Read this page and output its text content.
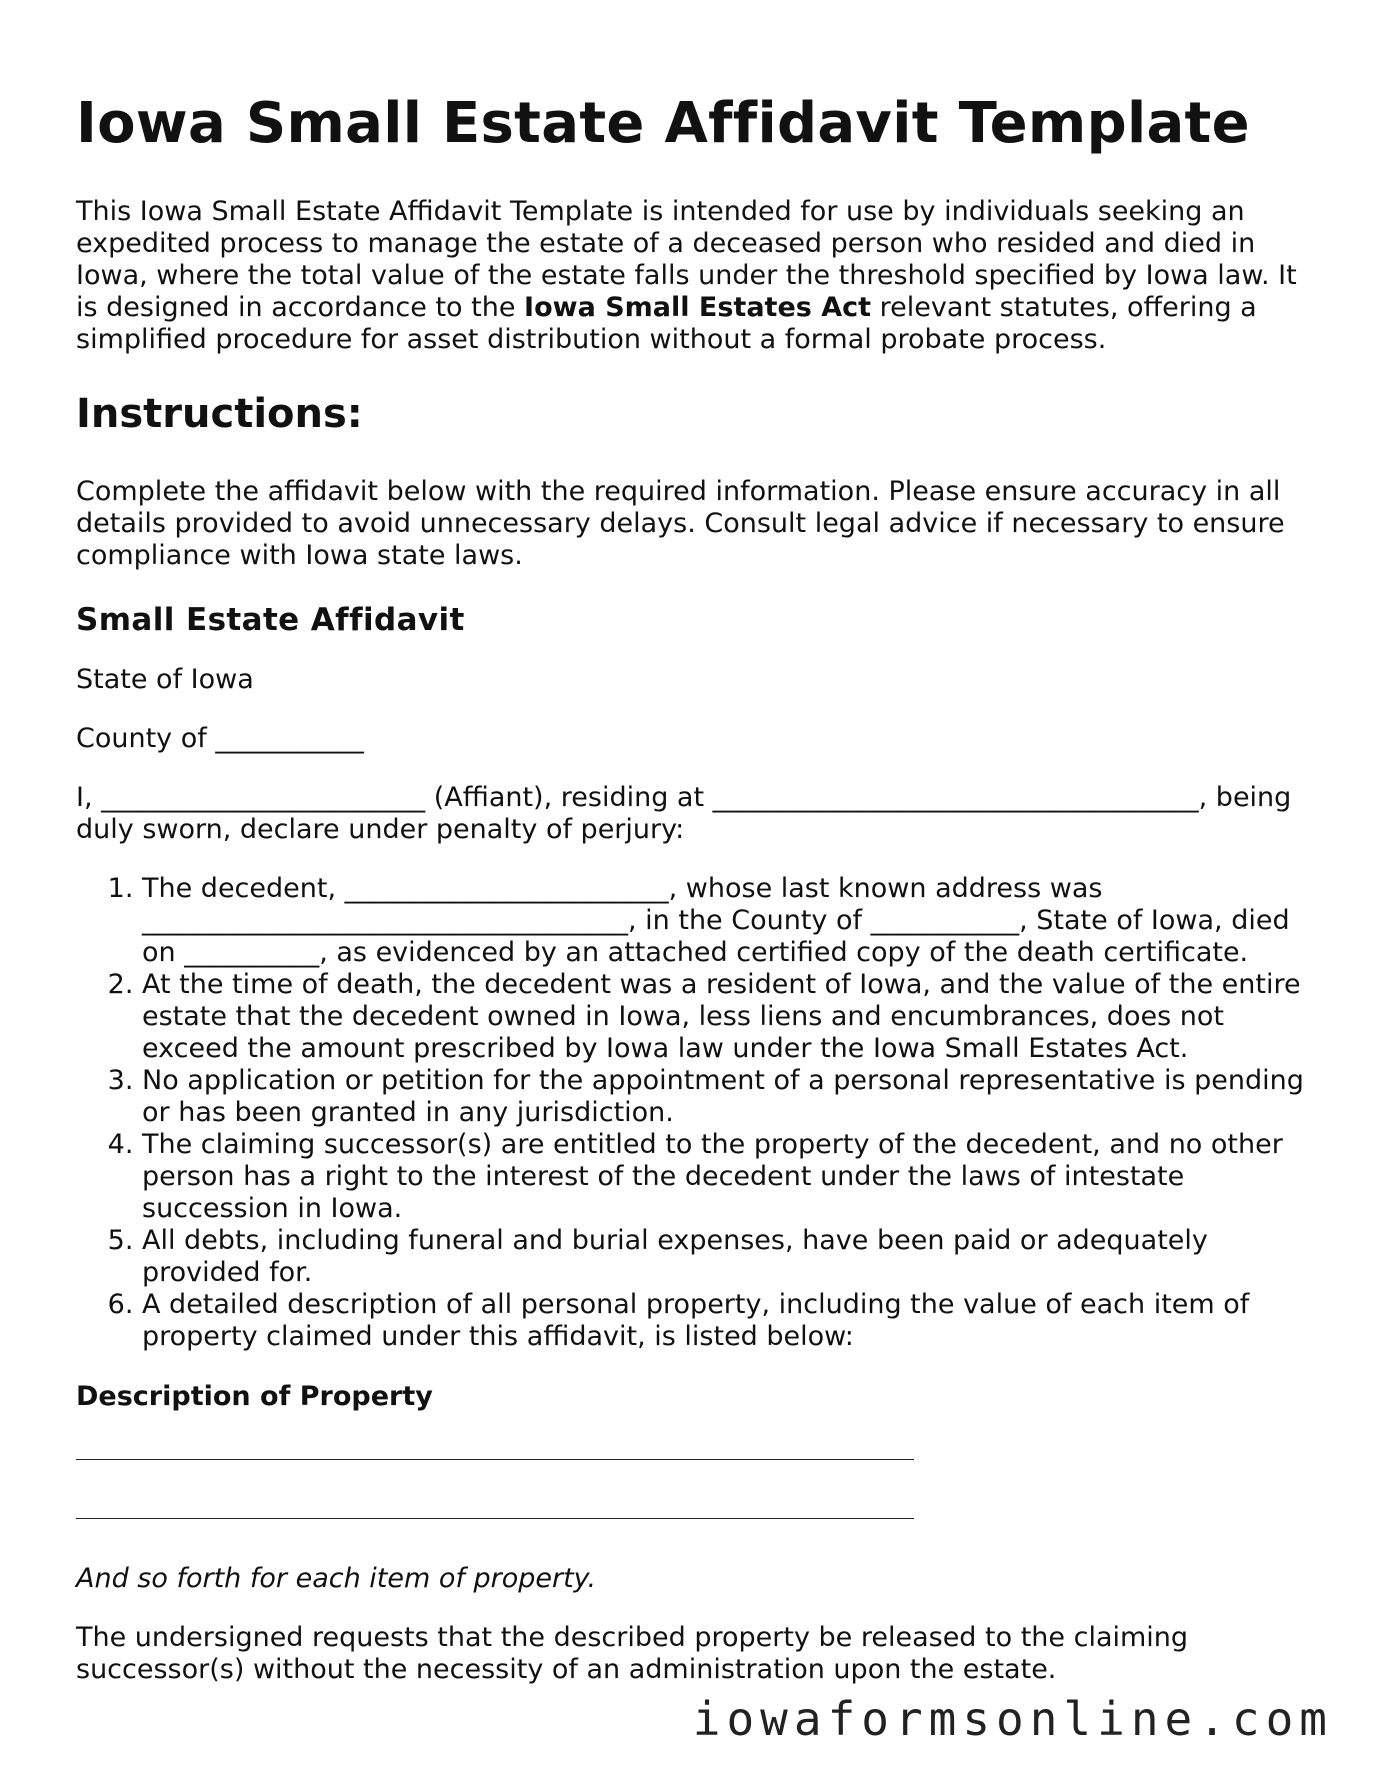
Iowa Small Estate Affidavit Template

This Iowa Small Estate Affidavit Template is intended for use by individuals seeking an expedited process to manage the estate of a deceased person who resided and died in Iowa, where the total value of the estate falls under the threshold specified by Iowa law. It is designed in accordance to the Iowa Small Estates Act relevant statutes, offering a simplified procedure for asset distribution without a formal probate process.

Instructions:

Complete the affidavit below with the required information. Please ensure accuracy in all details provided to avoid unnecessary delays. Consult legal advice if necessary to ensure compliance with Iowa state laws.

Small Estate Affidavit

State of Iowa

County of ___________

I, ________________________ (Affiant), residing at ____________________________________, being duly sworn, declare under penalty of perjury:

1. The decedent, ________________________, whose last known address was ____________________________________, in the County of ___________, State of Iowa, died on __________, as evidenced by an attached certified copy of the death certificate.
2. At the time of death, the decedent was a resident of Iowa, and the value of the entire estate that the decedent owned in Iowa, less liens and encumbrances, does not exceed the amount prescribed by Iowa law under the Iowa Small Estates Act.
3. No application or petition for the appointment of a personal representative is pending or has been granted in any jurisdiction.
4. The claiming successor(s) are entitled to the property of the decedent, and no other person has a right to the interest of the decedent under the laws of intestate succession in Iowa.
5. All debts, including funeral and burial expenses, have been paid or adequately provided for.
6. A detailed description of all personal property, including the value of each item of property claimed under this affidavit, is listed below:

Description of Property

And so forth for each item of property.

The undersigned requests that the described property be released to the claiming successor(s) without the necessity of an administration upon the estate.

iowaformsonline.com
